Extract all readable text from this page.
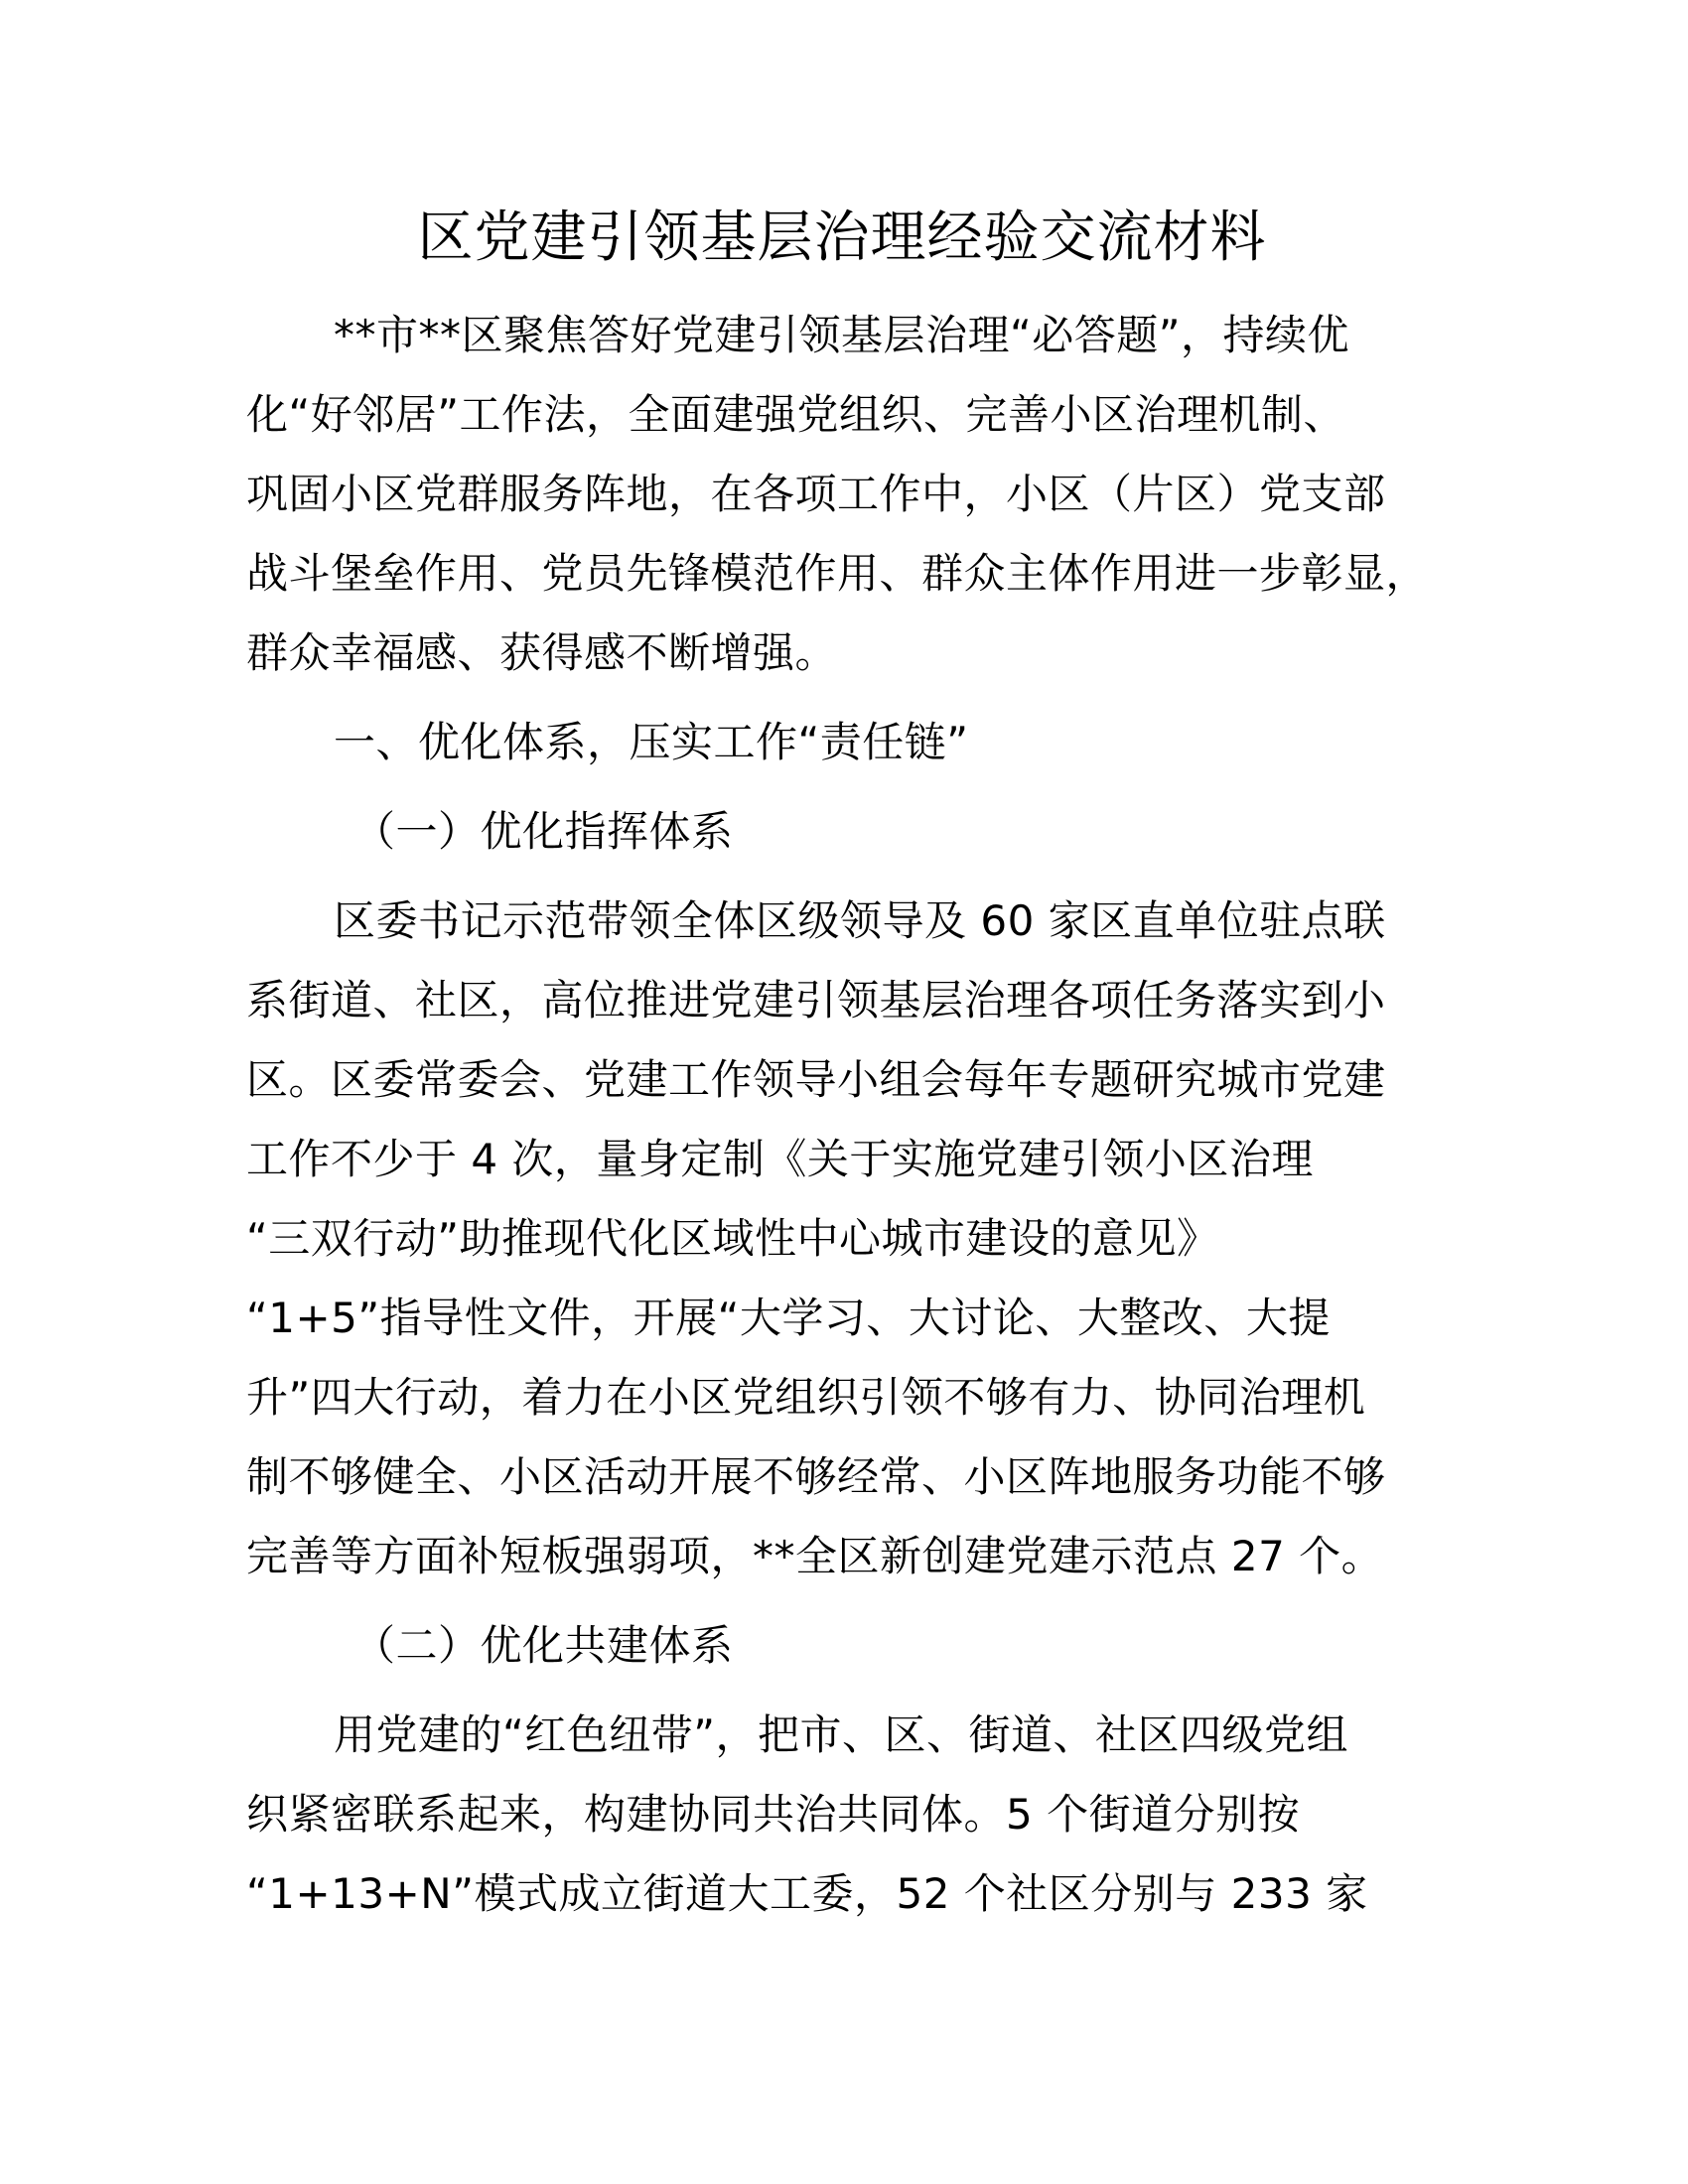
区党建引领基层治理经验交流材料
**市**区聚焦答好党建引领基层治理“必答题”，持续优
化“好邻居”工作法，全面建强党组织、完善小区治理机制、
巩固小区党群服务阵地，在各项工作中，小区（片区）党支部
战斗堡垒作用、党员先锋模范作用、群众主体作用进一步彰显，
群众幸福感、获得感不断增强。
一、优化体系，压实工作“责任链”
（一）优化指挥体系
区委书记示范带领全体区级领导及 60 家区直单位驻点联
系街道、社区，高位推进党建引领基层治理各项任务落实到小
区。区委常委会、党建工作领导小组会每年专题研究城市党建
工作不少于 4 次，量身定制《关于实施党建引领小区治理
“三双行动”助推现代化区域性中心城市建设的意见》
“1+5”指导性文件，开展“大学习、大讨论、大整改、大提
升”四大行动，着力在小区党组织引领不够有力、协同治理机
制不够健全、小区活动开展不够经常、小区阵地服务功能不够
完善等方面补短板强弱项，**全区新创建党建示范点 27 个。
（二）优化共建体系
用党建的“红色纽带”，把市、区、街道、社区四级党组
织紧密联系起来，构建协同共治共同体。5 个街道分别按
“1+13+N”模式成立街道大工委，52 个社区分别与 233 家
